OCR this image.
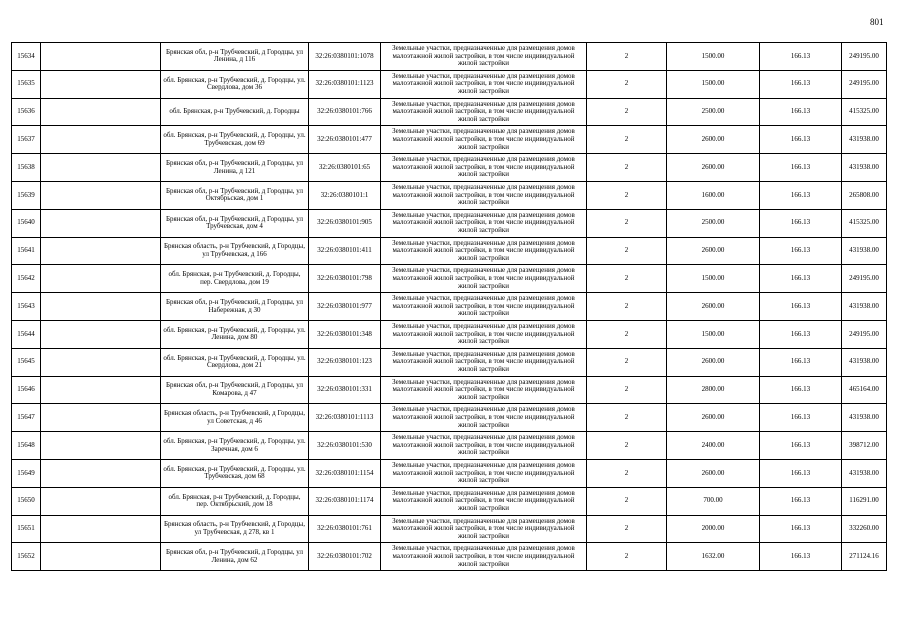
801
15634		Брянская обл, р-н Трубчевский, д Городцы, ул Ленина, д 116	32:26:0380101:1078	Земельные участки, предназначенные для размещения домов малоэтажной жилой застройки, в том числе индивидуальной жилой застройки	2	1500.00	166.13	249195.00
15635		обл. Брянская, р-н Трубчевский, д. Городцы, ул. Свердлова, дом 36	32:26:0380101:1123	Земельные участки, предназначенные для размещения домов малоэтажной жилой застройки, в том числе индивидуальной жилой застройки	2	1500.00	166.13	249195.00
15636		обл. Брянская, р-н Трубчевский, д. Городцы	32:26:0380101:766	Земельные участки, предназначенные для размещения домов малоэтажной жилой застройки, в том числе индивидуальной жилой застройки	2	2500.00	166.13	415325.00
15637		обл. Брянская, р-н Трубчевский, д. Городцы, ул. Трубчевская, дом 69	32:26:0380101:477	Земельные участки, предназначенные для размещения домов малоэтажной жилой застройки, в том числе индивидуальной жилой застройки	2	2600.00	166.13	431938.00
15638		Брянская обл, р-н Трубчевский, д Городцы, ул Ленина, д 121	32:26:0380101:65	Земельные участки, предназначенные для размещения домов малоэтажной жилой застройки, в том числе индивидуальной жилой застройки	2	2600.00	166.13	431938.00
15639		Брянская обл, р-н Трубчевский, д Городцы, ул Октябрьская, дом 1	32:26:0380101:1	Земельные участки, предназначенные для размещения домов малоэтажной жилой застройки, в том числе индивидуальной жилой застройки	2	1600.00	166.13	265808.00
15640		Брянская обл, р-н Трубчевский, д Городцы, ул Трубчевская, дом 4	32:26:0380101:905	Земельные участки, предназначенные для размещения домов малоэтажной жилой застройки, в том числе индивидуальной жилой застройки	2	2500.00	166.13	415325.00
15641		Брянская область, р-н Трубчевский, д Городцы, ул Трубчевская, д 166	32:26:0380101:411	Земельные участки, предназначенные для размещения домов малоэтажной жилой застройки, в том числе индивидуальной жилой застройки	2	2600.00	166.13	431938.00
15642		обл. Брянская, р-н Трубчевский, д. Городцы, пер. Свердлова, дом 19	32:26:0380101:798	Земельные участки, предназначенные для размещения домов малоэтажной жилой застройки, в том числе индивидуальной жилой застройки	2	1500.00	166.13	249195.00
15643		Брянская обл, р-н Трубчевский, д Городцы, ул Набережная, д 30	32:26:0380101:977	Земельные участки, предназначенные для размещения домов малоэтажной жилой застройки, в том числе индивидуальной жилой застройки	2	2600.00	166.13	431938.00
15644		обл. Брянская, р-н Трубчевский, д. Городцы, ул. Ленина, дом 80	32:26:0380101:348	Земельные участки, предназначенные для размещения домов малоэтажной жилой застройки, в том числе индивидуальной жилой застройки	2	1500.00	166.13	249195.00
15645		обл. Брянская, р-н Трубчевский, д. Городцы, ул. Свердлова, дом 21	32:26:0380101:123	Земельные участки, предназначенные для размещения домов малоэтажной жилой застройки, в том числе индивидуальной жилой застройки	2	2600.00	166.13	431938.00
15646		Брянская обл, р-н Трубчевский, д Городцы, ул Комарова, д 47	32:26:0380101:331	Земельные участки, предназначенные для размещения домов малоэтажной жилой застройки, в том числе индивидуальной жилой застройки	2	2800.00	166.13	465164.00
15647		Брянская область, р-н Трубчевский, д Городцы, ул Советская, д 46	32:26:0380101:1113	Земельные участки, предназначенные для размещения домов малоэтажной жилой застройки, в том числе индивидуальной жилой застройки	2	2600.00	166.13	431938.00
15648		обл. Брянская, р-н Трубчевский, д. Городцы, ул. Заречная, дом 6	32:26:0380101:530	Земельные участки, предназначенные для размещения домов малоэтажной жилой застройки, в том числе индивидуальной жилой застройки	2	2400.00	166.13	398712.00
15649		обл. Брянская, р-н Трубчевский, д. Городцы, ул. Трубчевская, дом 68	32:26:0380101:1154	Земельные участки, предназначенные для размещения домов малоэтажной жилой застройки, в том числе индивидуальной жилой застройки	2	2600.00	166.13	431938.00
15650		обл. Брянская, р-н Трубчевский, д. Городцы, пер. Октябрьский, дом 18	32:26:0380101:1174	Земельные участки, предназначенные для размещения домов малоэтажной жилой застройки, в том числе индивидуальной жилой застройки	2	700.00	166.13	116291.00
15651		Брянская область, р-н Трубчевский, д Городцы, ул Трубчевская, д 278, кв 1	32:26:0380101:761	Земельные участки, предназначенные для размещения домов малоэтажной жилой застройки, в том числе индивидуальной жилой застройки	2	2000.00	166.13	332260.00
15652		Брянская обл, р-н Трубчевский, д Городцы, ул Ленина, дом 62	32:26:0380101:702	Земельные участки, предназначенные для размещения домов малоэтажной жилой застройки, в том числе индивидуальной жилой застройки	2	1632.00	166.13	271124.16
